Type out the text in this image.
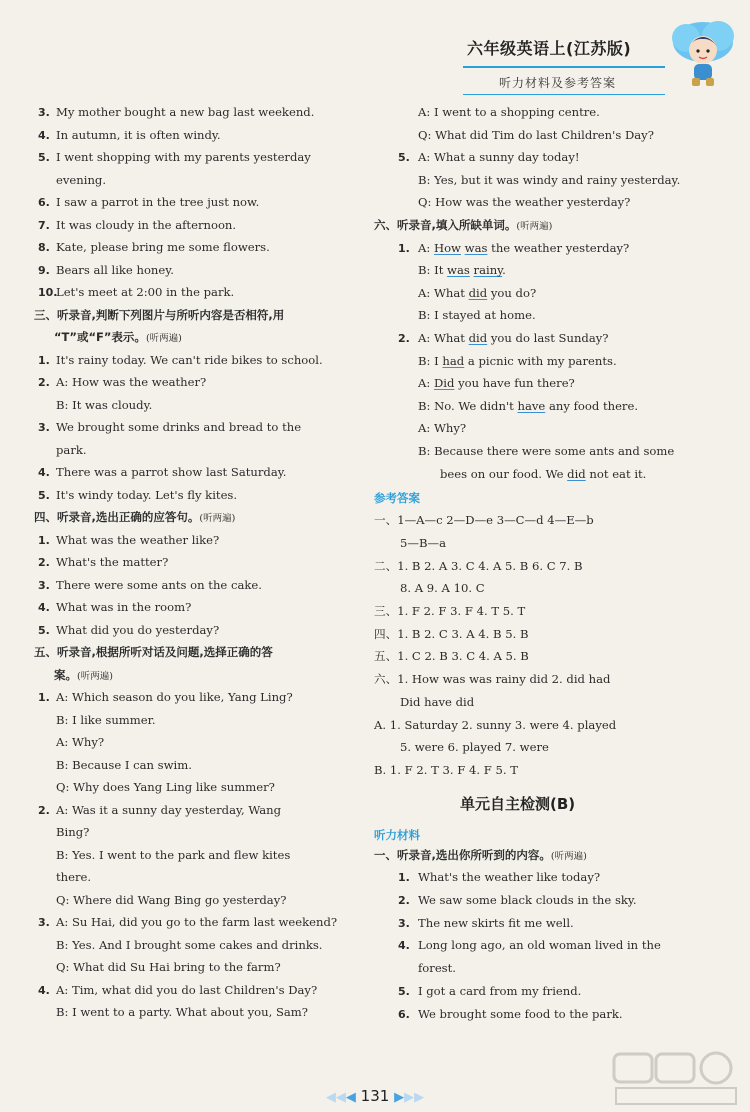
六年级英语上(江苏版)
听力材料及参考答案
3. My mother bought a new bag last weekend.
4. In autumn, it is often windy.
5. I went shopping with my parents yesterday
evening.
6. I saw a parrot in the tree just now.
7. It was cloudy in the afternoon.
8. Kate, please bring me some flowers.
9. Bears all like honey.
10.Let's meet at 2:00 in the park.
三、听录音,判断下列图片与所听内容是否相符,用
“T”或“F”表示。(听两遍)
1. It's rainy today. We can't ride bikes to school.
2. A: How was the weather?
B: It was cloudy.
3. We brought some drinks and bread to the
park.
4. There was a parrot show last Saturday.
5. It's windy today. Let's fly kites.
四、听录音,选出正确的应答句。(听两遍)
1. What was the weather like?
2. What's the matter?
3. There were some ants on the cake.
4. What was in the room?
5. What did you do yesterday?
五、听录音,根据所听对话及问题,选择正确的答
案。(听两遍)
1. A: Which season do you like, Yang Ling?
B: I like summer.
A: Why?
B: Because I can swim.
Q: Why does Yang Ling like summer?
2. A: Was it a sunny day yesterday, Wang
Bing?
B: Yes. I went to the park and flew kites
there.
Q: Where did Wang Bing go yesterday?
3. A: Su Hai, did you go to the farm last weekend?
B: Yes. And I brought some cakes and drinks.
Q: What did Su Hai bring to the farm?
4. A: Tim, what did you do last Children's Day?
B: I went to a party. What about you, Sam?
A: I went to a shopping centre.
Q: What did Tim do last Children's Day?
5. A: What a sunny day today!
B: Yes, but it was windy and rainy yesterday.
Q: How was the weather yesterday?
六、听录音,填入所缺单词。(听两遍)
1. A: How was the weather yesterday?
B: It was rainy.
A: What did you do?
B: I stayed at home.
2. A: What did you do last Sunday?
B: I had a picnic with my parents.
A: Did you have fun there?
B: No. We didn't have any food there.
A: Why?
B: Because there were some ants and some
bees on our food. We did not eat it.
参考答案
一、1—A—c 2—D—e 3—C—d 4—E—b
5—B—a
二、1. B 2. A 3. C 4. A 5. B 6. C 7. B
8. A 9. A 10. C
三、1. F 2. F 3. F 4. T 5. T
四、1. B 2. C 3. A 4. B 5. B
五、1. C 2. B 3. C 4. A 5. B
六、1. How was was rainy did 2. did had
Did have did
A. 1. Saturday 2. sunny 3. were 4. played
5. were 6. played 7. were
B. 1. F 2. T 3. F 4. F 5. T
单元自主检测(B)
听力材料
一、听录音,选出你所听到的内容。(听两遍)
1. What's the weather like today?
2. We saw some black clouds in the sky.
3. The new skirts fit me well.
4. Long long ago, an old woman lived in the
forest.
5. I got a card from my friend.
6. We brought some food to the park.
◀◀◀ 131 ▶▶▶
